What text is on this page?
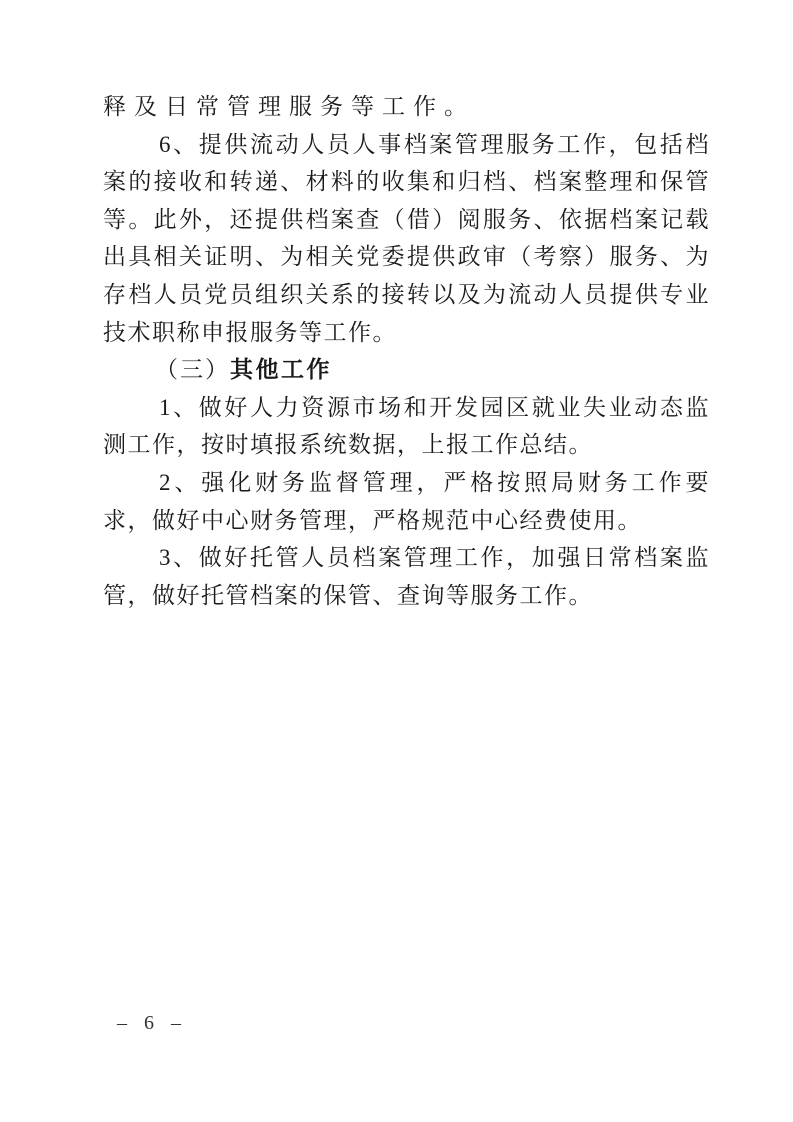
释及日常管理服务等工作。

6、提供流动人员人事档案管理服务工作，包括档案的接收和转递、材料的收集和归档、档案整理和保管等。此外，还提供档案查（借）阅服务、依据档案记载出具相关证明、为相关党委提供政审（考察）服务、为存档人员党员组织关系的接转以及为流动人员提供专业技术职称申报服务等工作。

（三）其他工作

1、做好人力资源市场和开发园区就业失业动态监测工作，按时填报系统数据，上报工作总结。

2、强化财务监督管理，严格按照局财务工作要求，做好中心财务管理，严格规范中心经费使用。

3、做好托管人员档案管理工作，加强日常档案监管，做好托管档案的保管、查询等服务工作。

– 6 –
